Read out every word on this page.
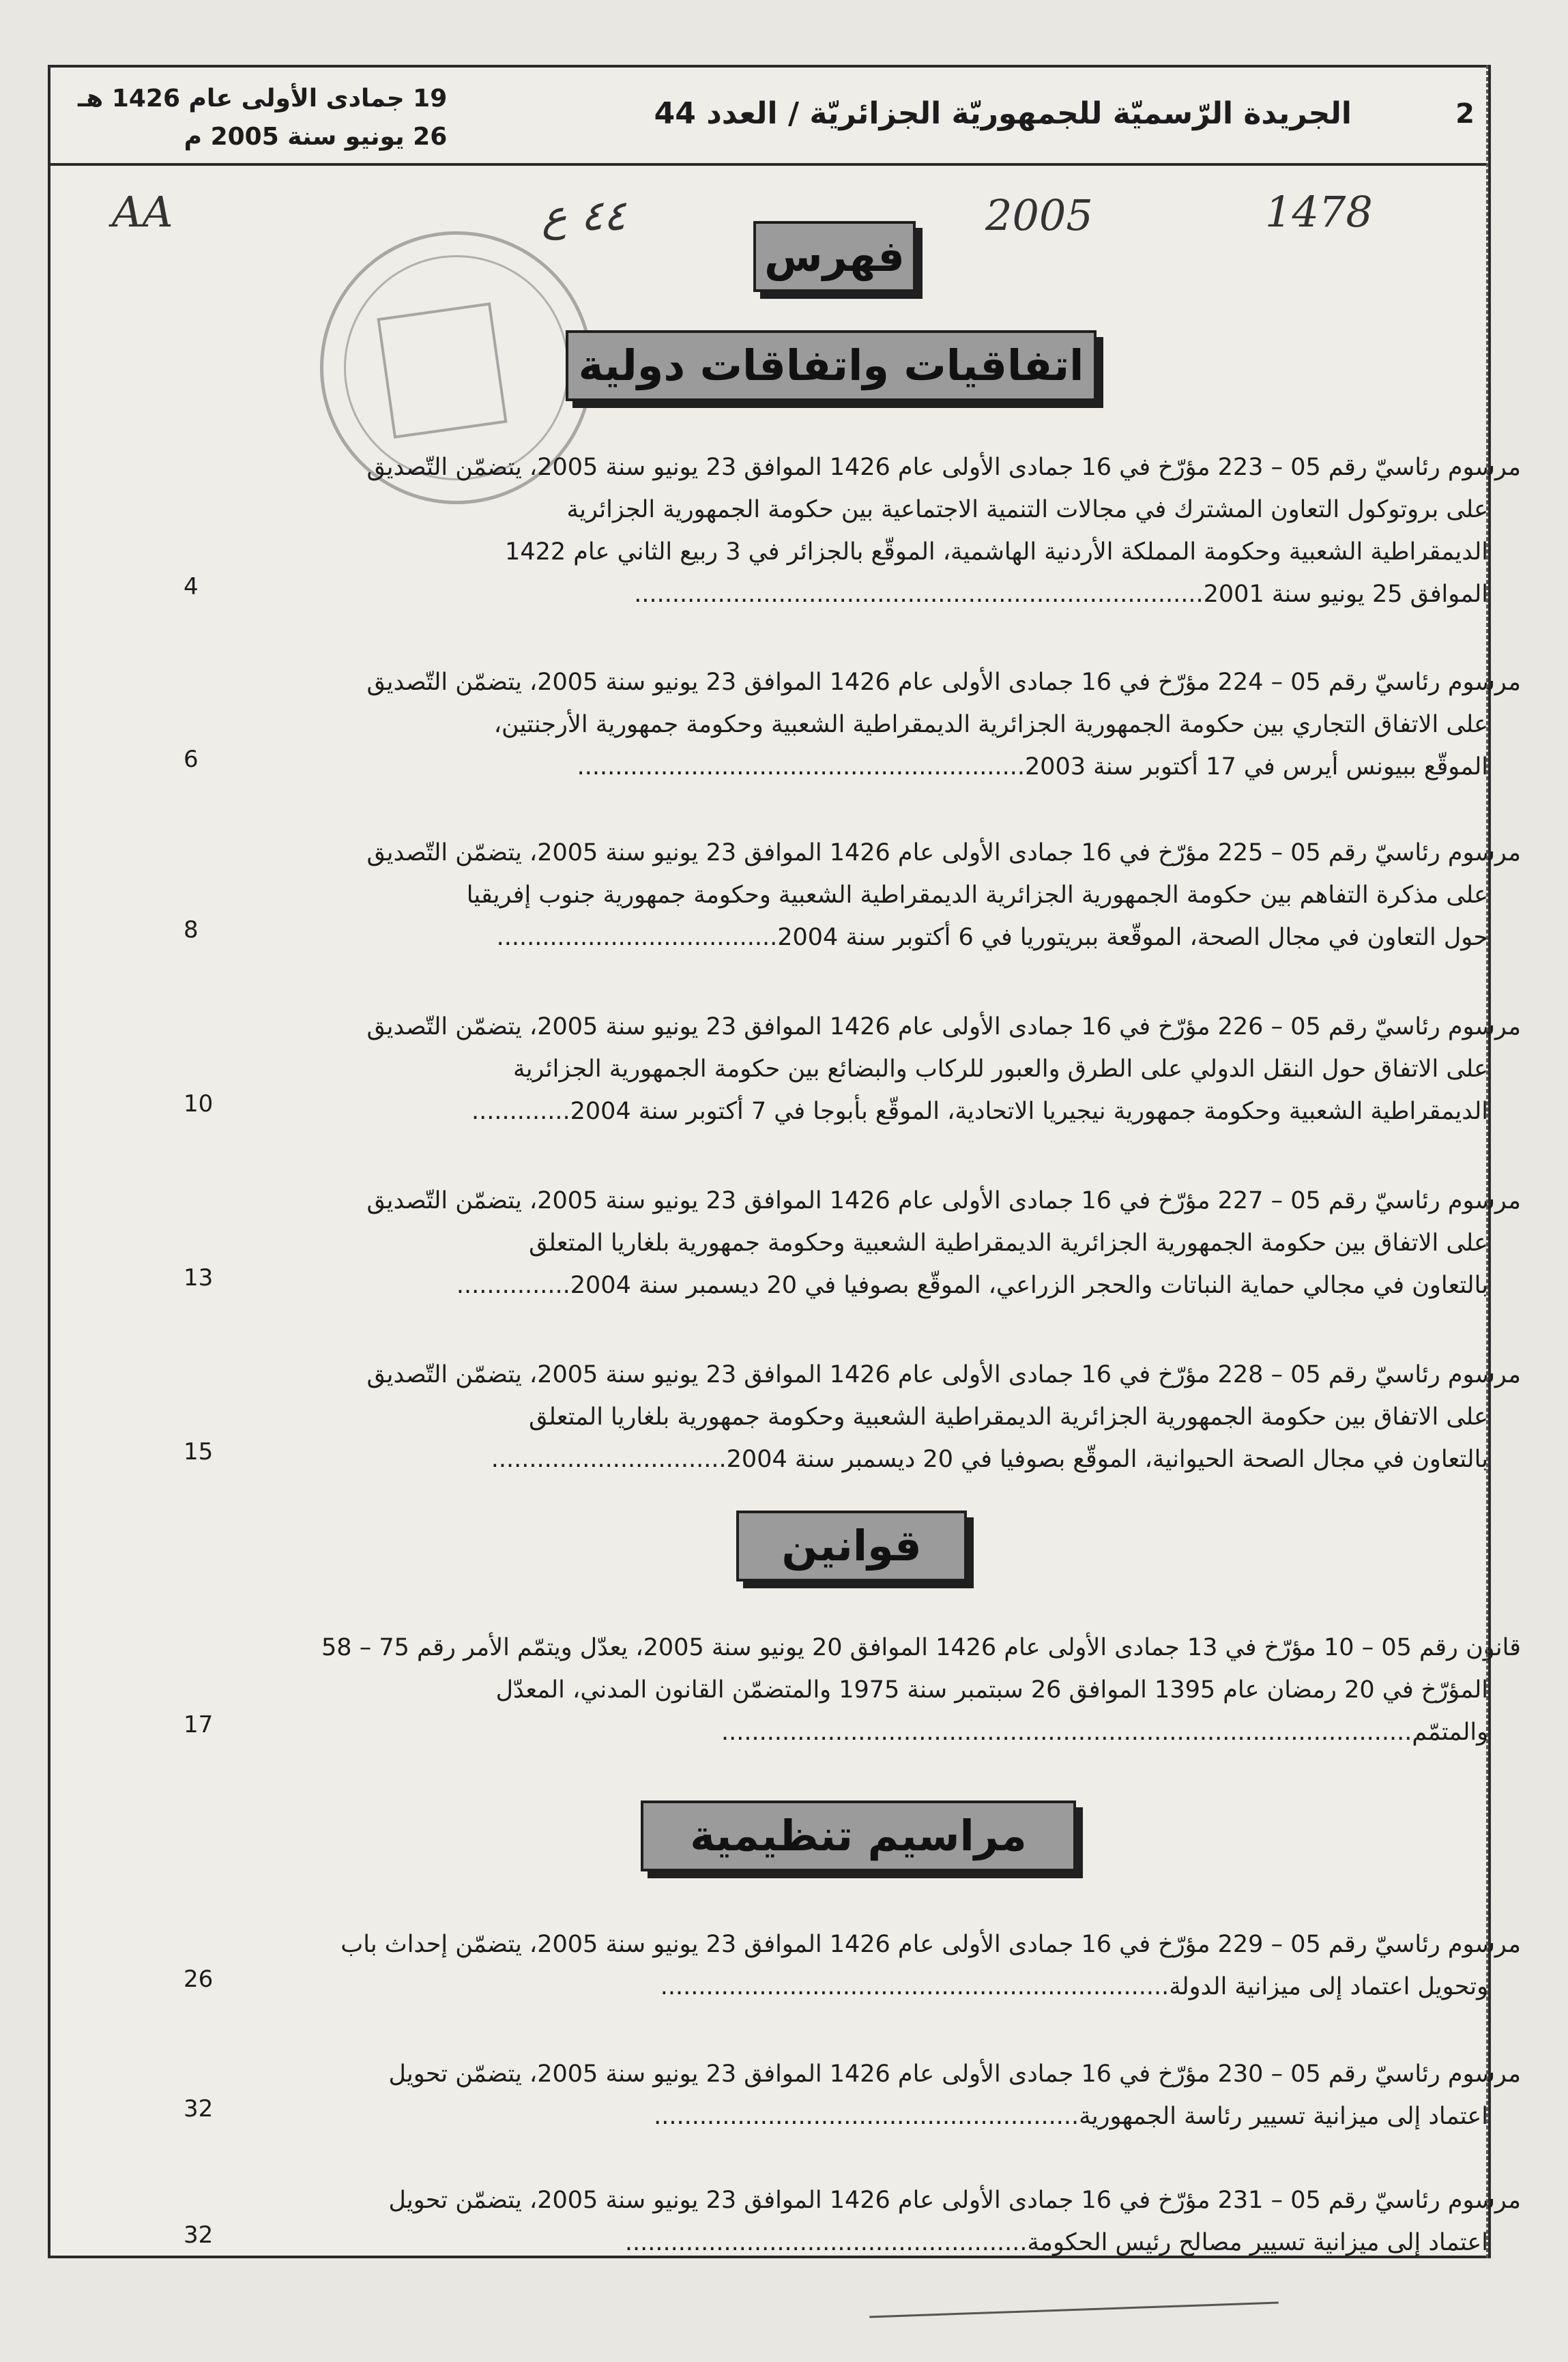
2
الجريدة الرّسميّة للجمهوريّة الجزائريّة / العدد 44
19 جمادى الأولى عام 1426 هـ
26 يونيو سنة 2005 م
AA	٤٤ ع	2005	1478
فهرس
اتفاقيات واتفاقات دولية

مرسوم رئاسيّ رقم 05 – 223 مؤرّخ في 16 جمادى الأولى عام 1426 الموافق 23 يونيو سنة 2005، يتضمّن التّصديق

على بروتوكول التعاون المشترك في مجالات التنمية الاجتماعية بين حكومة الجمهورية الجزائرية

الديمقراطية الشعبية وحكومة المملكة الأردنية الهاشمية، الموقّع بالجزائر في 3 ربيع الثاني عام 1422

الموافق 25 يونيو سنة 2001...........................................................................

4

مرسوم رئاسيّ رقم 05 – 224 مؤرّخ في 16 جمادى الأولى عام 1426 الموافق 23 يونيو سنة 2005، يتضمّن التّصديق

على الاتفاق التجاري بين حكومة الجمهورية الجزائرية الديمقراطية الشعبية وحكومة جمهورية الأرجنتين،

الموقّع ببيونس أيرس في 17 أكتوبر سنة 2003...........................................................

6

مرسوم رئاسيّ رقم 05 – 225 مؤرّخ في 16 جمادى الأولى عام 1426 الموافق 23 يونيو سنة 2005، يتضمّن التّصديق

على مذكرة التفاهم بين حكومة الجمهورية الجزائرية الديمقراطية الشعبية وحكومة جمهورية جنوب إفريقيا

حول التعاون في مجال الصحة، الموقّعة ببريتوريا في 6 أكتوبر سنة 2004.....................................

8

مرسوم رئاسيّ رقم 05 – 226 مؤرّخ في 16 جمادى الأولى عام 1426 الموافق 23 يونيو سنة 2005، يتضمّن التّصديق

على الاتفاق حول النقل الدولي على الطرق والعبور للركاب والبضائع بين حكومة الجمهورية الجزائرية

الديمقراطية الشعبية وحكومة جمهورية نيجيريا الاتحادية، الموقّع بأبوجا في 7 أكتوبر سنة 2004.............

10

مرسوم رئاسيّ رقم 05 – 227 مؤرّخ في 16 جمادى الأولى عام 1426 الموافق 23 يونيو سنة 2005، يتضمّن التّصديق

على الاتفاق بين حكومة الجمهورية الجزائرية الديمقراطية الشعبية وحكومة جمهورية بلغاريا المتعلق

بالتعاون في مجالي حماية النباتات والحجر الزراعي، الموقّع بصوفيا في 20 ديسمبر سنة 2004...............

13

مرسوم رئاسيّ رقم 05 – 228 مؤرّخ في 16 جمادى الأولى عام 1426 الموافق 23 يونيو سنة 2005، يتضمّن التّصديق

على الاتفاق بين حكومة الجمهورية الجزائرية الديمقراطية الشعبية وحكومة جمهورية بلغاريا المتعلق

بالتعاون في مجال الصحة الحيوانية، الموقّع بصوفيا في 20 ديسمبر سنة 2004...............................

15
قوانين

قانون رقم 05 – 10 مؤرّخ في 13 جمادى الأولى عام 1426 الموافق 20 يونيو سنة 2005، يعدّل ويتمّم الأمر رقم 75 – 58

المؤرّخ في 20 رمضان عام 1395 الموافق 26 سبتمبر سنة 1975 والمتضمّن القانون المدني، المعدّل

والمتمّم...........................................................................................

17
مراسيم تنظيمية

مرسوم رئاسيّ رقم 05 – 229 مؤرّخ في 16 جمادى الأولى عام 1426 الموافق 23 يونيو سنة 2005، يتضمّن إحداث باب

وتحويل اعتماد إلى ميزانية الدولة...................................................................

26

مرسوم رئاسيّ رقم 05 – 230 مؤرّخ في 16 جمادى الأولى عام 1426 الموافق 23 يونيو سنة 2005، يتضمّن تحويل

اعتماد إلى ميزانية تسيير رئاسة الجمهورية........................................................

32

مرسوم رئاسيّ رقم 05 – 231 مؤرّخ في 16 جمادى الأولى عام 1426 الموافق 23 يونيو سنة 2005، يتضمّن تحويل

اعتماد إلى ميزانية تسيير مصالح رئيس الحكومة.....................................................

32
